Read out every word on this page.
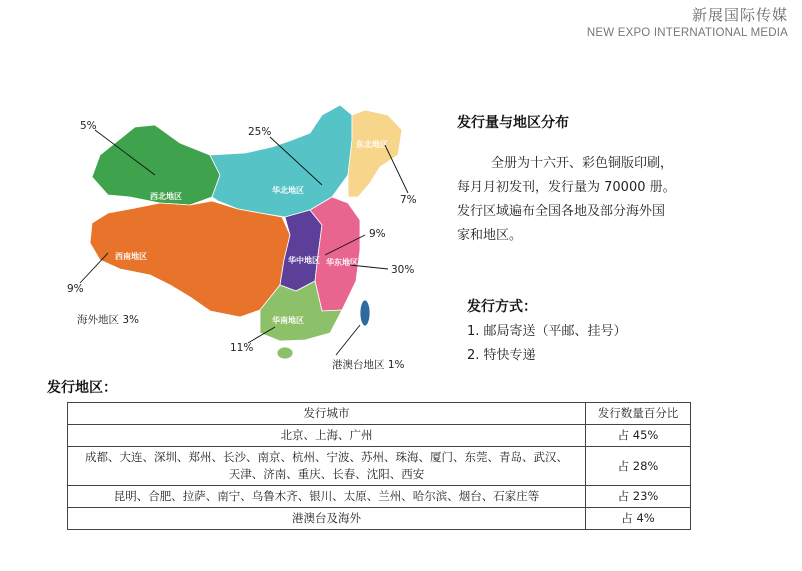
新展国际传媒
NEW EXPO INTERNATIONAL MEDIA
西北地区
华北地区
东北地区
西南地区	华中地区 华东地区
华南地区
5%	25%
7%
9%
30%
9%
海外地区 3%
11%
港澳台地区 1%
发行量与地区分布
全册为十六开、彩色铜版印刷，
每月月初发刊，发行量为 70000 册。
发行区域遍布全国各地及部分海外国
家和地区。
发行方式：
1. 邮局寄送（平邮、挂号）
2. 特快专递
发行地区：
发行城市	发行数量百分比
北京、上海、广州	占 45%

成都、大连、深圳、郑州、长沙、南京、杭州、宁波、苏州、珠海、厦门、东莞、青岛、武汉、
天津、济南、重庆、长春、沈阳、西安	占 28%
昆明、合肥、拉萨、南宁、乌鲁木齐、银川、太原、兰州、哈尔滨、烟台、石家庄等	占 23%
港澳台及海外	占 4%
